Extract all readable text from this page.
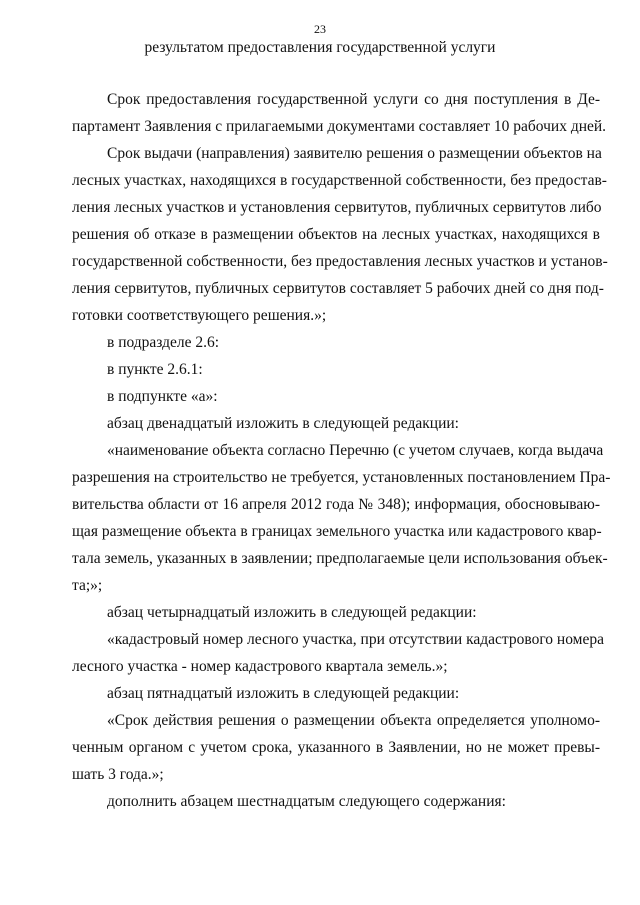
23
результатом предоставления государственной услуги
Срок предоставления государственной услуги со дня поступления в Де-
партамент Заявления с прилагаемыми документами составляет 10 рабочих дней.
Срок выдачи (направления) заявителю решения о размещении объектов на
лесных участках, находящихся в государственной собственности, без предостав-
ления лесных участков и установления сервитутов, публичных сервитутов либо
решения об отказе в размещении объектов на лесных участках, находящихся в
государственной собственности, без предоставления лесных участков и установ-
ления сервитутов, публичных сервитутов составляет 5 рабочих дней со дня под-
готовки соответствующего решения.»;
в подразделе 2.6:
в пункте 2.6.1:
в подпункте «а»:
абзац двенадцатый изложить в следующей редакции:
«наименование объекта согласно Перечню (с учетом случаев, когда выдача
разрешения на строительство не требуется, установленных постановлением Пра-
вительства области от 16 апреля 2012 года № 348); информация, обосновываю-
щая размещение объекта в границах земельного участка или кадастрового квар-
тала земель, указанных в заявлении; предполагаемые цели использования объек-
та;»;
абзац четырнадцатый изложить в следующей редакции:
«кадастровый номер лесного участка, при отсутствии кадастрового номера
лесного участка - номер кадастрового квартала земель.»;
абзац пятнадцатый изложить в следующей редакции:
«Срок действия решения о размещении объекта определяется уполномо-
ченным органом с учетом срока, указанного в Заявлении, но не может превы-
шать 3 года.»;
дополнить абзацем шестнадцатым следующего содержания:
